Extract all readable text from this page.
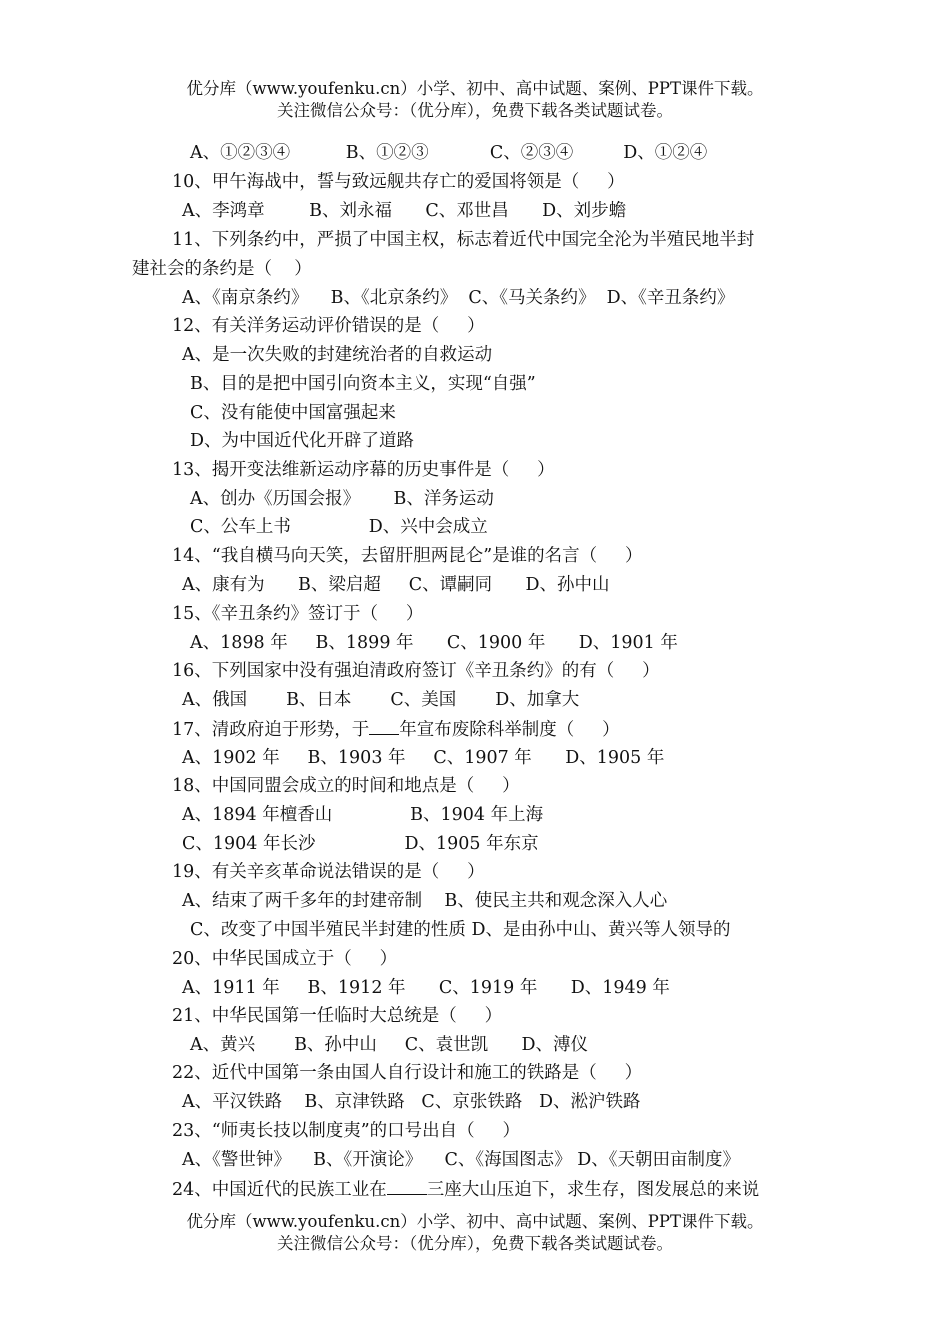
优分库（www.youfenku.cn）小学、初中、高中试题、案例、PPT课件下载。
关注微信公众号：（优分库），免费下载各类试题试卷。
A、①②③④          B、①②③           C、②③④         D、①②④
10、甲午海战中，誓与致远舰共存亡的爱国将领是（     ）
A、李鸿章        B、刘永福      C、邓世昌      D、刘步蟾
11、下列条约中，严损了中国主权，标志着近代中国完全沦为半殖民地半封
建社会的条约是（    ）
A、《南京条约》    B、《北京条约》  C、《马关条约》  D、《辛丑条约》
12、有关洋务运动评价错误的是（     ）
A、是一次失败的封建统治者的自救运动
B、目的是把中国引向资本主义，实现“自强”
C、没有能使中国富强起来
D、为中国近代化开辟了道路
13、揭开变法维新运动序幕的历史事件是（     ）
A、创办《历国会报》      B、洋务运动
C、公车上书              D、兴中会成立
14、“我自横马向天笑，去留肝胆两昆仑”是谁的名言（     ）
A、康有为      B、梁启超     C、谭嗣同      D、孙中山
15、《辛丑条约》签订于（     ）
A、1898 年     B、1899 年      C、1900 年      D、1901 年
16、下列国家中没有强迫清政府签订《辛丑条约》的有（     ）
A、俄国       B、日本       C、美国       D、加拿大
17、清政府迫于形势，于 年宣布废除科举制度（     ）
A、1902 年     B、1903 年     C、1907 年      D、1905 年
18、中国同盟会成立的时间和地点是（     ）
A、1894 年檀香山              B、1904 年上海
C、1904 年长沙                D、1905 年东京
19、有关辛亥革命说法错误的是（     ）
A、结束了两千多年的封建帝制    B、使民主共和观念深入人心
C、改变了中国半殖民半封建的性质 D、是由孙中山、黄兴等人领导的
20、中华民国成立于（     ）
A、1911 年     B、1912 年      C、1919 年      D、1949 年
21、中华民国第一任临时大总统是（     ）
A、黄兴       B、孙中山     C、袁世凯      D、溥仪
22、近代中国第一条由国人自行设计和施工的铁路是（     ）
A、平汉铁路    B、京津铁路   C、京张铁路   D、淞沪铁路
23、“师夷长技以制度夷”的口号出自（     ）
A、《警世钟》    B、《开演论》    C、《海国图志》 D、《天朝田亩制度》
24、中国近代的民族工业在 三座大山压迫下，求生存，图发展总的来说
优分库（www.youfenku.cn）小学、初中、高中试题、案例、PPT课件下载。
关注微信公众号：（优分库），免费下载各类试题试卷。
